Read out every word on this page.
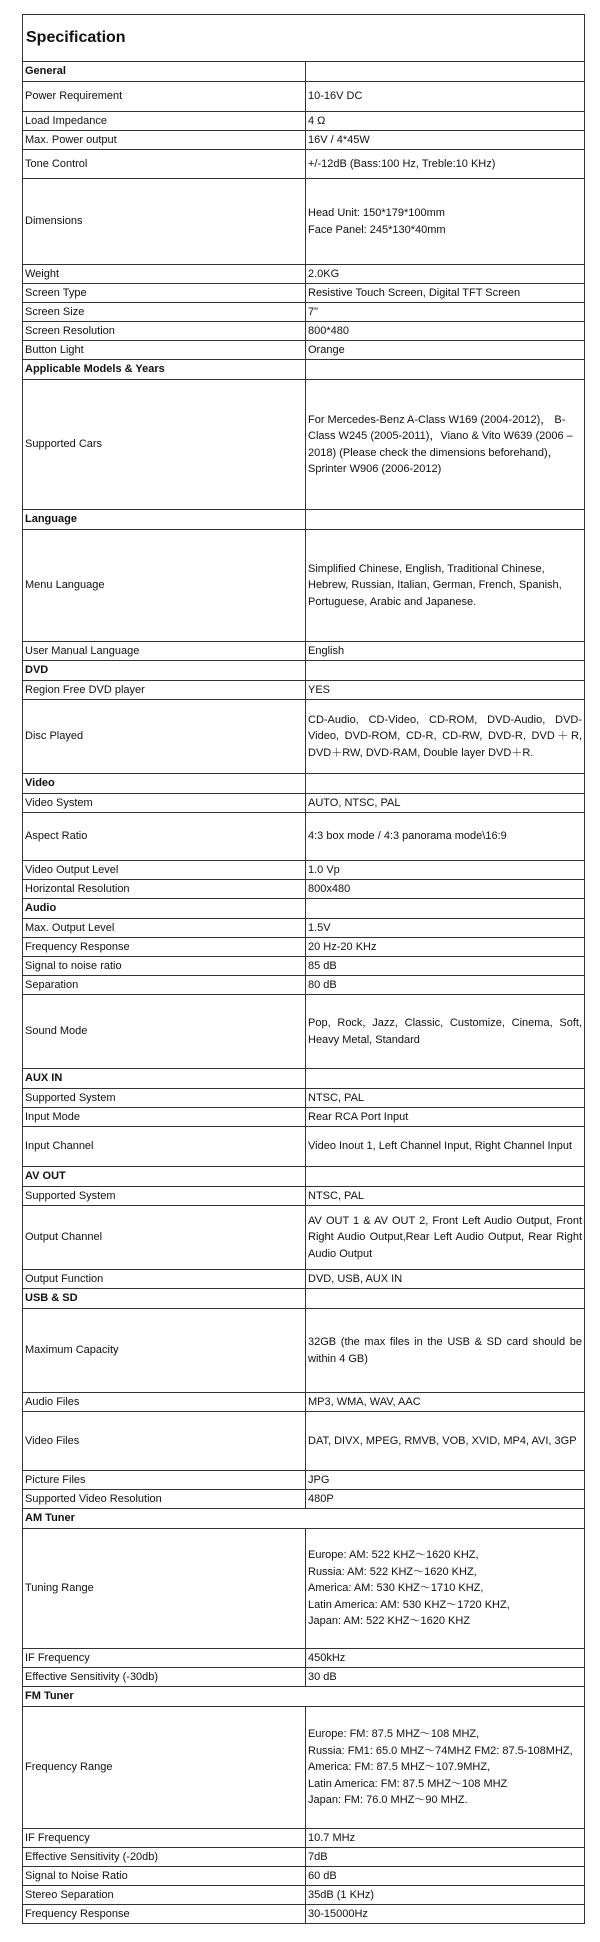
Specification	
General	
Power Requirement	10-16V DC
Load Impedance	4 Ω
Max. Power output	16V / 4*45W
Tone Control	+/-12dB (Bass:100 Hz, Treble:10 KHz)
Dimensions	Head Unit: 150*179*100mm
Face Panel: 245*130*40mm
Weight	2.0KG
Screen Type	Resistive Touch Screen, Digital TFT Screen
Screen Size	7"
Screen Resolution	800*480
Button Light	Orange
Applicable Models & Years	
Supported Cars	For Mercedes-Benz A-Class W169 (2004-2012)， B-Class W245 (2005-2011)，Viano & Vito W639 (2006 – 2018) (Please check the dimensions beforehand)， Sprinter W906 (2006-2012)
Language	
Menu Language	Simplified Chinese, English, Traditional Chinese, Hebrew, Russian, Italian, German, French, Spanish, Portuguese, Arabic and Japanese.
User Manual Language	English
DVD	
Region Free DVD player	YES
Disc Played	CD-Audio, CD-Video, CD-ROM, DVD-Audio, DVD-Video, DVD-ROM, CD-R, CD-RW, DVD-R, DVD＋R, DVD＋RW, DVD-RAM, Double layer DVD＋R.
Video	
Video System	AUTO, NTSC, PAL
Aspect Ratio	4:3 box mode / 4:3 panorama mode\16:9
Video Output Level	1.0 Vp
Horizontal Resolution	800x480
Audio	
Max. Output Level	1.5V
Frequency Response	20 Hz-20 KHz
Signal to noise ratio	85 dB
Separation	80 dB
Sound Mode	Pop, Rock, Jazz, Classic, Customize, Cinema, Soft, Heavy Metal, Standard
AUX IN	
Supported System	NTSC, PAL
Input Mode	Rear RCA Port Input
Input Channel	Video Inout 1, Left Channel Input, Right Channel Input
AV OUT	
Supported System	NTSC, PAL
Output Channel	AV OUT 1 & AV OUT 2, Front Left Audio Output, Front Right Audio Output,Rear Left Audio Output, Rear Right Audio Output
Output Function	DVD, USB, AUX IN
USB & SD	
Maximum Capacity	32GB (the max files in the USB & SD card should be within 4 GB)
Audio Files	MP3, WMA, WAV, AAC
Video Files	DAT, DIVX, MPEG, RMVB, VOB, XVID, MP4, AVI, 3GP
Picture Files	JPG
Supported Video Resolution	480P
AM Tuner	
Tuning Range	Europe: AM: 522 KHZ～1620 KHZ,
Russia: AM: 522 KHZ～1620 KHZ,
America: AM: 530 KHZ～1710 KHZ,
Latin America: AM: 530 KHZ～1720 KHZ,
Japan: AM: 522 KHZ～1620 KHZ
IF Frequency	450kHz
Effective Sensitivity (-30db)	30 dB
FM Tuner	
Frequency Range	Europe: FM: 87.5 MHZ～108 MHZ,
Russia: FM1: 65.0 MHZ～74MHZ FM2: 87.5-108MHZ,
America: FM: 87.5 MHZ～107.9MHZ,
Latin America: FM: 87.5 MHZ～108 MHZ
Japan: FM: 76.0 MHZ～90 MHZ.
IF Frequency	10.7 MHz
Effective Sensitivity (-20db)	7dB
Signal to Noise Ratio	60 dB
Stereo Separation	35dB (1 KHz)
Frequency Response	30-15000Hz
